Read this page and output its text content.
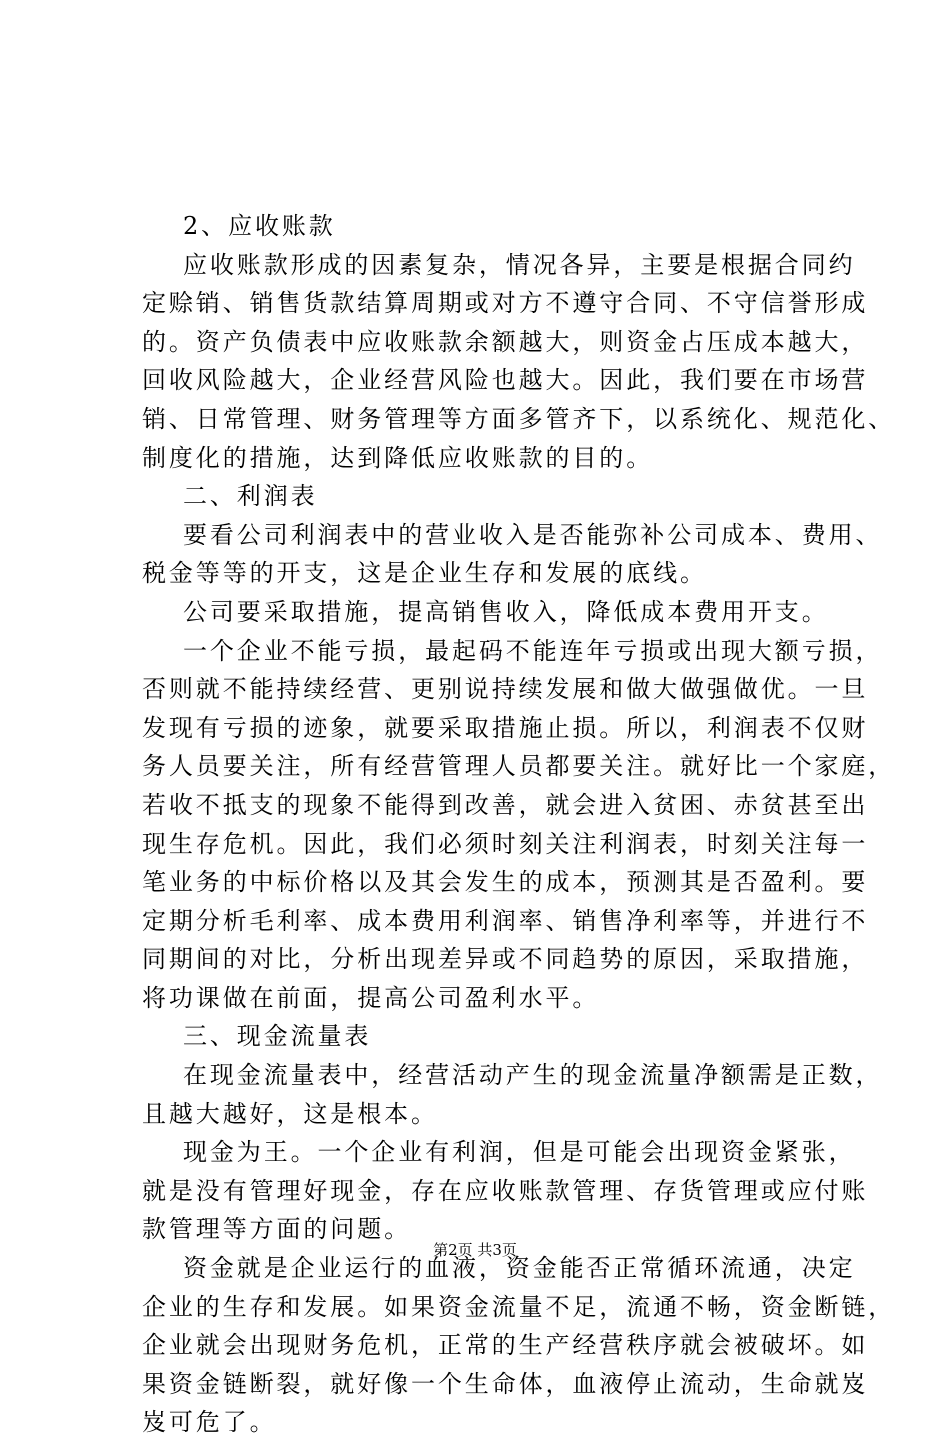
2、应收账款
应收账款形成的因素复杂，情况各异，主要是根据合同约
定赊销、销售货款结算周期或对方不遵守合同、不守信誉形成
的。资产负债表中应收账款余额越大，则资金占压成本越大，
回收风险越大，企业经营风险也越大。因此，我们要在市场营
销、日常管理、财务管理等方面多管齐下，以系统化、规范化、
制度化的措施，达到降低应收账款的目的。
二、利润表
要看公司利润表中的营业收入是否能弥补公司成本、费用、
税金等等的开支，这是企业生存和发展的底线。
公司要采取措施，提高销售收入，降低成本费用开支。
一个企业不能亏损，最起码不能连年亏损或出现大额亏损，
否则就不能持续经营、更别说持续发展和做大做强做优。一旦
发现有亏损的迹象，就要采取措施止损。所以，利润表不仅财
务人员要关注，所有经营管理人员都要关注。就好比一个家庭，
若收不抵支的现象不能得到改善，就会进入贫困、赤贫甚至出
现生存危机。因此，我们必须时刻关注利润表，时刻关注每一
笔业务的中标价格以及其会发生的成本，预测其是否盈利。要
定期分析毛利率、成本费用利润率、销售净利率等，并进行不
同期间的对比，分析出现差异或不同趋势的原因，采取措施，
将功课做在前面，提高公司盈利水平。
三、现金流量表
在现金流量表中，经营活动产生的现金流量净额需是正数，
且越大越好，这是根本。
现金为王。一个企业有利润，但是可能会出现资金紧张，
就是没有管理好现金，存在应收账款管理、存货管理或应付账
款管理等方面的问题。
资金就是企业运行的血液，资金能否正常循环流通，决定
企业的生存和发展。如果资金流量不足，流通不畅，资金断链，
企业就会出现财务危机，正常的生产经营秩序就会被破坏。如
果资金链断裂，就好像一个生命体，血液停止流动，生命就岌
岌可危了。
第2页 共3页
